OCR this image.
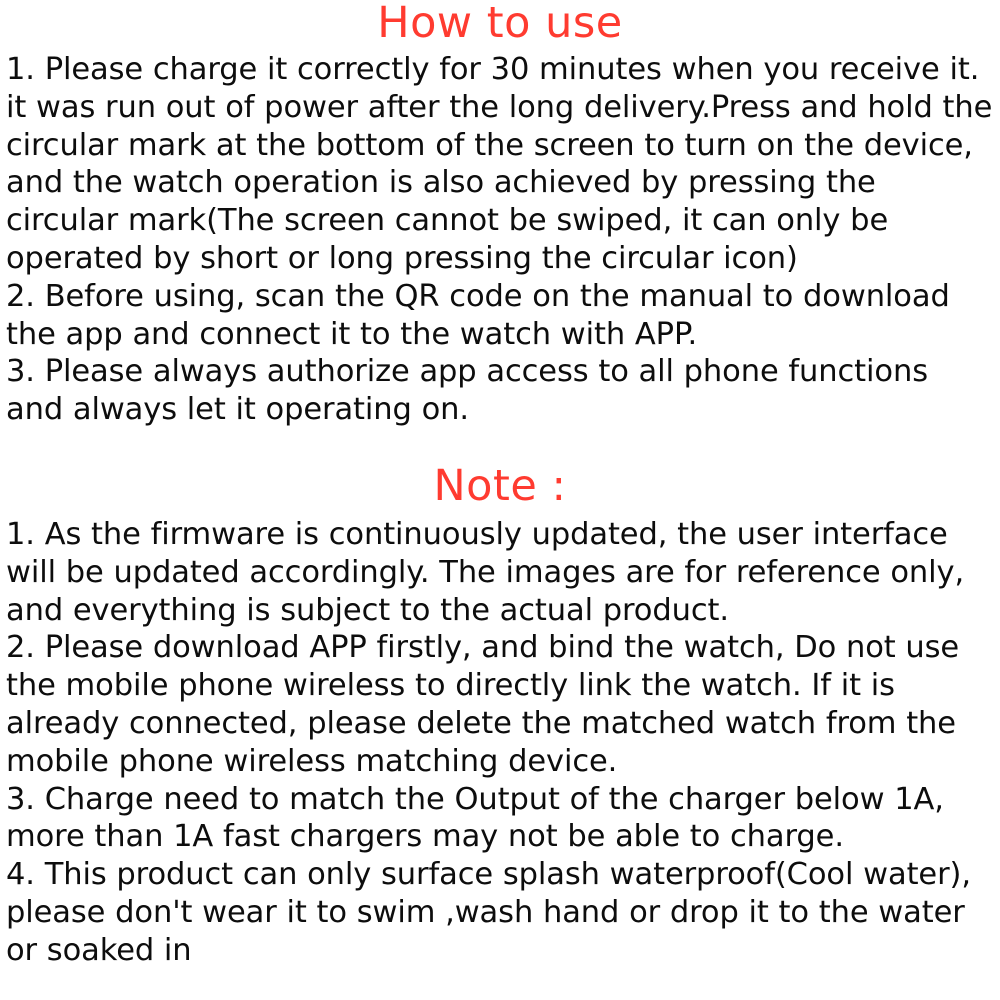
How to use

1. Please charge it correctly for 30 minutes when you receive it. it was run out of power after the long delivery.Press and hold the circular mark at the bottom of the screen to turn on the device, and the watch operation is also achieved by pressing the circular mark(The screen cannot be swiped, it can only be operated by short or long pressing the circular icon)

2. Before using, scan the QR code on the manual to download the app and connect it to the watch with APP.

3. Please always authorize app access to all phone functions and always let it operating on.

Note :

1. As the firmware is continuously updated, the user interface will be updated accordingly. The images are for reference only, and everything is subject to the actual product.

2. Please download APP firstly, and bind the watch, Do not use the mobile phone wireless to directly link the watch. If it is already connected, please delete the matched watch from the mobile phone wireless matching device.

3. Charge need to match the Output of the charger below 1A, more than 1A fast chargers may not be able to charge.

4. This product can only surface splash waterproof(Cool water), please don't wear it to swim ,wash hand or drop it to the water or soaked in
